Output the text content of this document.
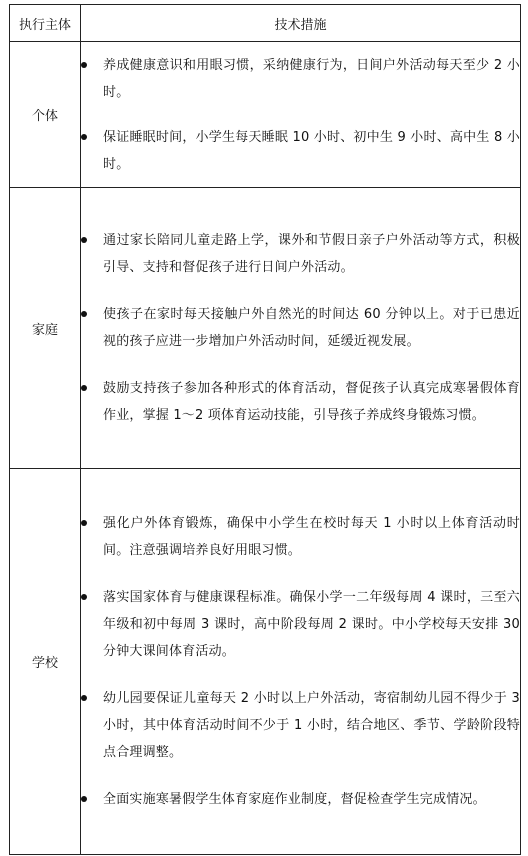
执行主体	技术措施
个体	养成健康意识和用眼习惯，采纳健康行为，日间户外活动每天至少 2 小时。
保证睡眠时间，小学生每天睡眠 10 小时、初中生 9 小时、高中生 8 小时。

家庭	通过家长陪同儿童走路上学，课外和节假日亲子户外活动等方式，积极引导、支持和督促孩子进行日间户外活动。
使孩子在家时每天接触户外自然光的时间达 60 分钟以上。对于已患近视的孩子应进一步增加户外活动时间，延缓近视发展。
鼓励支持孩子参加各种形式的体育活动，督促孩子认真完成寒暑假体育作业，掌握 1～2 项体育运动技能，引导孩子养成终身锻炼习惯。

学校	强化户外体育锻炼，确保中小学生在校时每天 1 小时以上体育活动时间。注意强调培养良好用眼习惯。
落实国家体育与健康课程标准。确保小学一二年级每周 4 课时，三至六年级和初中每周 3 课时，高中阶段每周 2 课时。中小学校每天安排 30 分钟大课间体育活动。
幼儿园要保证儿童每天 2 小时以上户外活动，寄宿制幼儿园不得少于 3 小时，其中体育活动时间不少于 1 小时，结合地区、季节、学龄阶段特点合理调整。
全面实施寒暑假学生体育家庭作业制度，督促检查学生完成情况。
